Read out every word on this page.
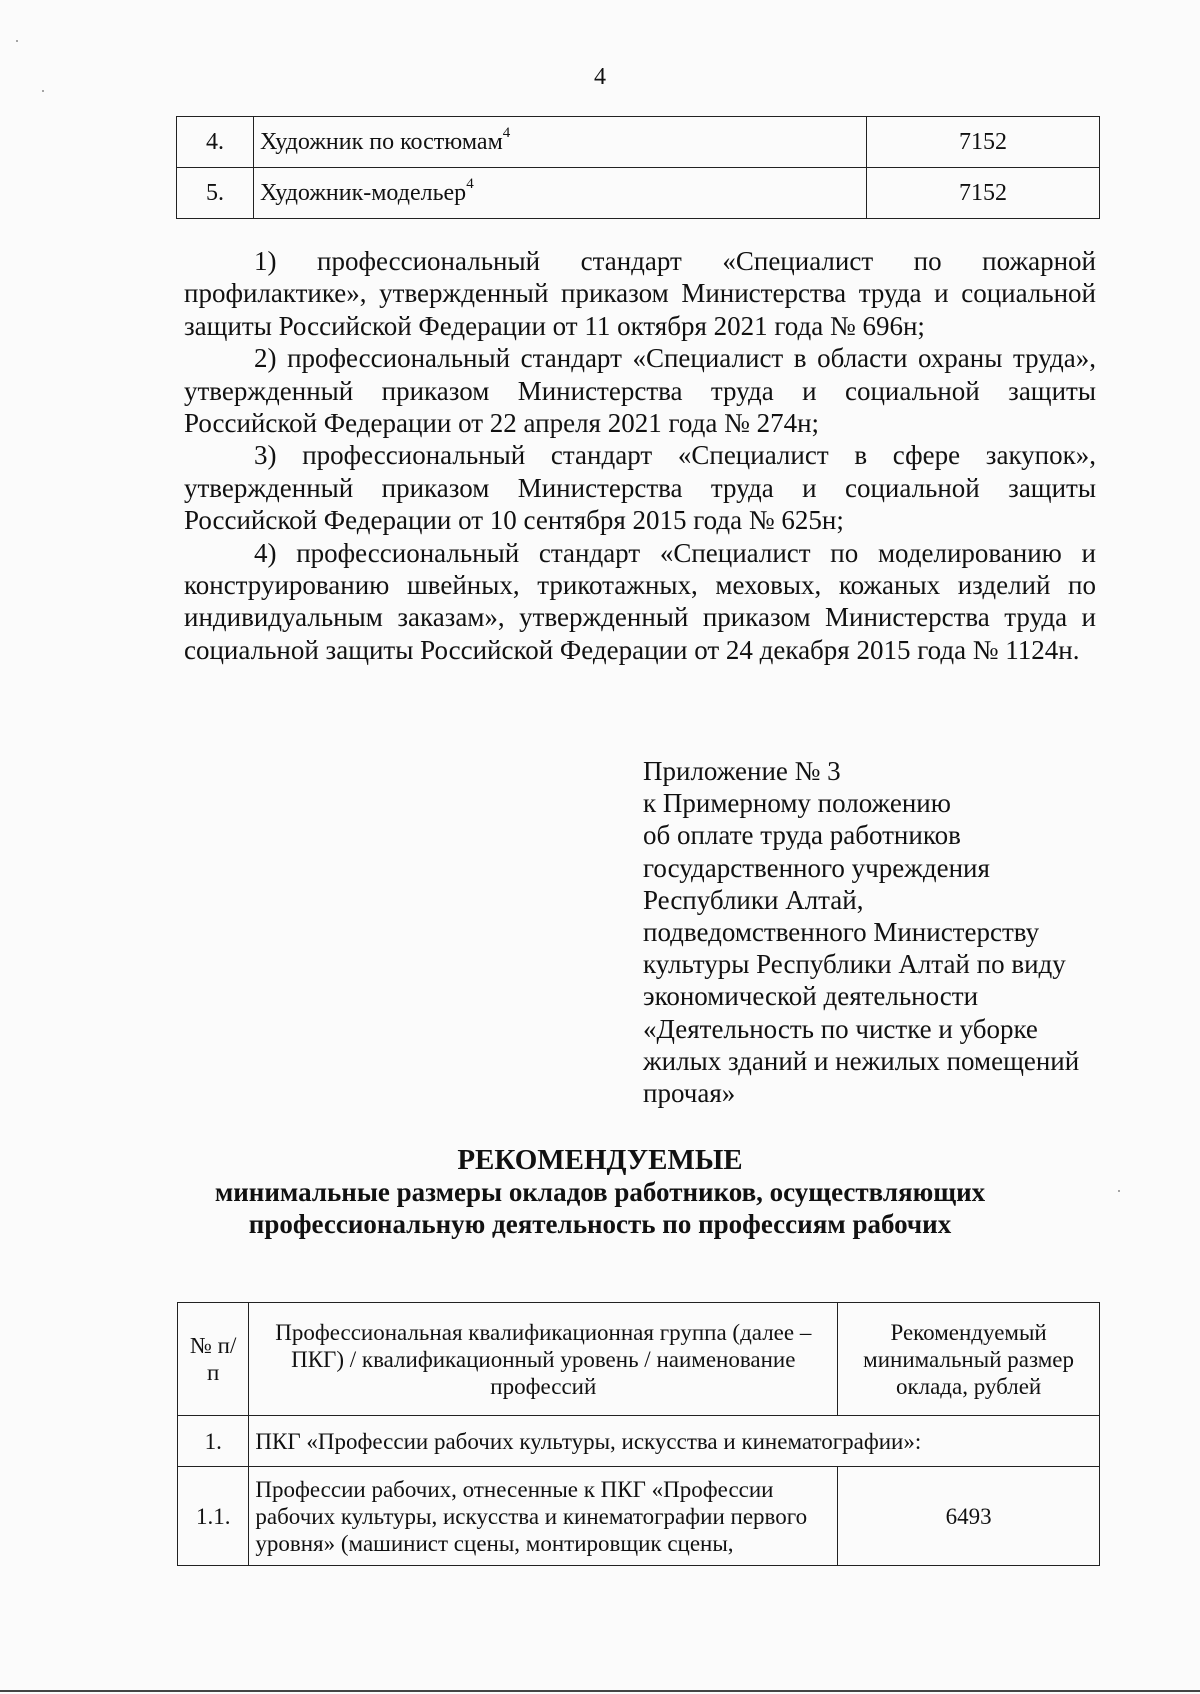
4
4.	Художник по костюмам$^4$	7152
5.	Художник-модельер$^4$	7152

1) профессиональный стандарт «Специалист по пожарной профилактике», утвержденный приказом Министерства труда и социальной защиты Российской Федерации от 11 октября 2021 года № 696н;

2) профессиональный стандарт «Специалист в области охраны труда», утвержденный приказом Министерства труда и социальной защиты Российской Федерации от 22 апреля 2021 года № 274н;

3) профессиональный стандарт «Специалист в сфере закупок», утвержденный приказом Министерства труда и социальной защиты Российской Федерации от 10 сентября 2015 года № 625н;

4) профессиональный стандарт «Специалист по моделированию и конструированию швейных, трикотажных, меховых, кожаных изделий по индивидуальным заказам», утвержденный приказом Министерства труда и социальной защиты Российской Федерации от 24 декабря 2015 года № 1124н.

Приложение № 3
к Примерному положению
об оплате труда работников
государственного учреждения
Республики Алтай,
подведомственного Министерству
культуры Республики Алтай по виду
экономической деятельности
«Деятельность по чистке и уборке
жилых зданий и нежилых помещений
прочая»
РЕКОМЕНДУЕМЫЕ
минимальные размеры окладов работников, осуществляющих
профессиональную деятельность по профессиям рабочих
№ п/п	Профессиональная квалификационная группа (далее – ПКГ) / квалификационный уровень / наименование профессий	Рекомендуемый минимальный размер оклада, рублей
1.	ПКГ «Профессии рабочих культуры, искусства и кинематографии»:	
1.1.	Профессии рабочих, отнесенные к ПКГ «Профессии рабочих культуры, искусства и кинематографии первого уровня» (машинист сцены, монтировщик сцены,	6493
